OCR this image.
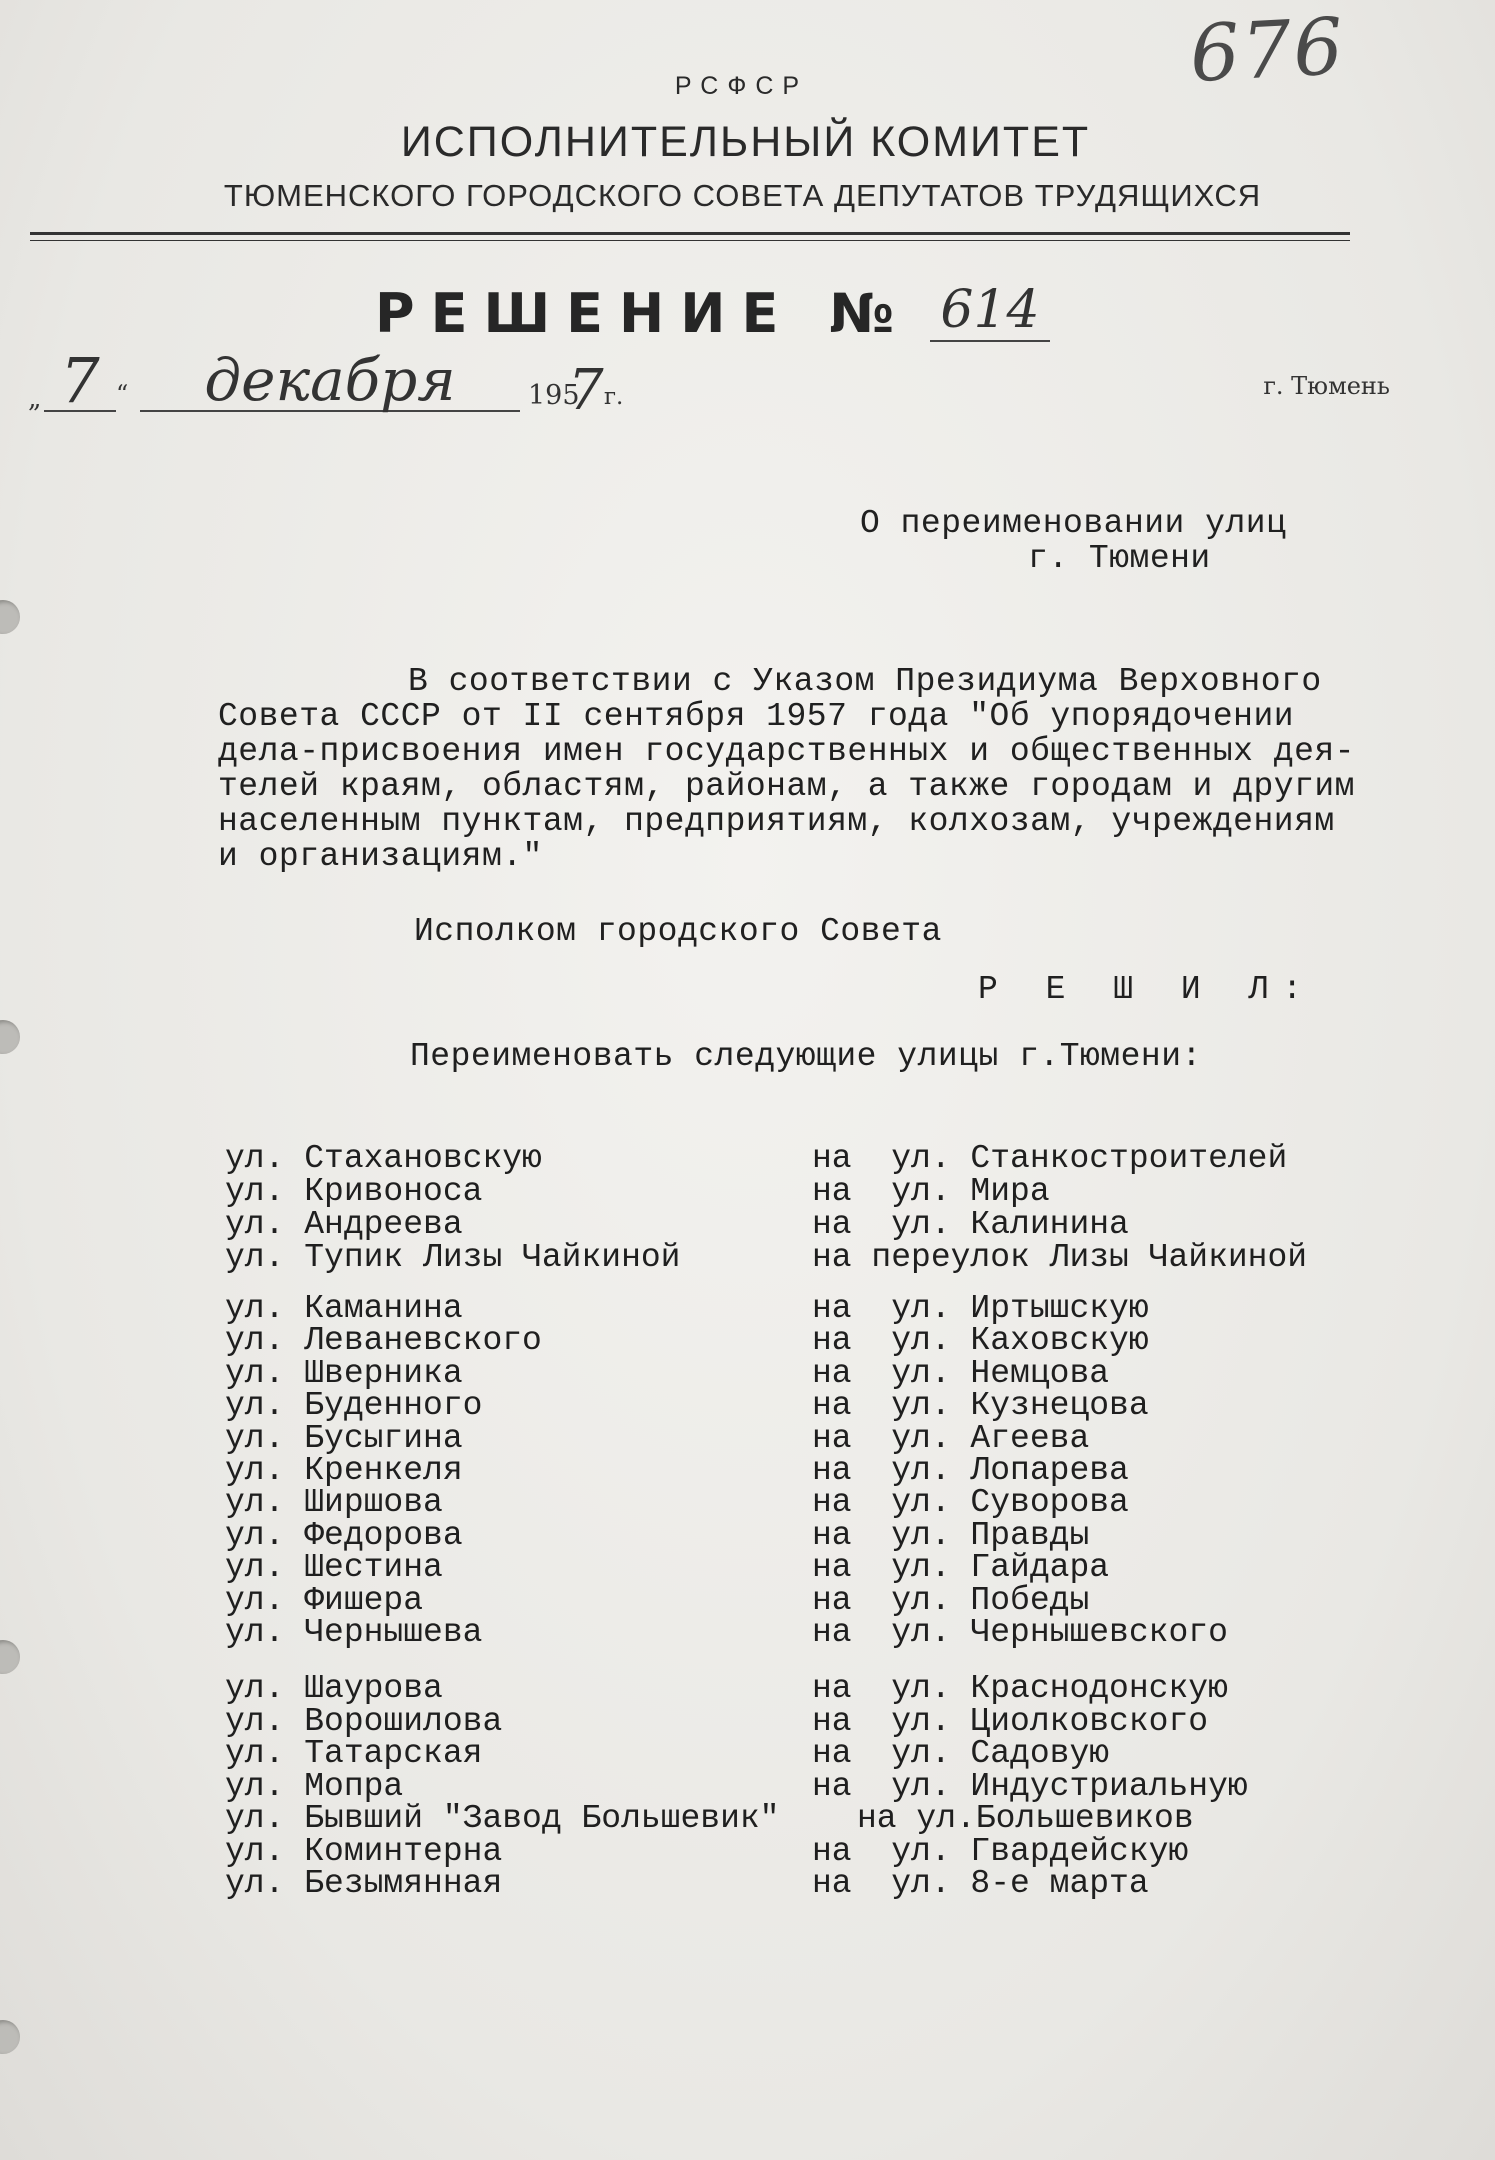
676
РСФСР
ИСПОЛНИТЕЛЬНЫЙ КОМИТЕТ
ТЮМЕНСКОГО ГОРОДСКОГО СОВЕТА ДЕПУТАТОВ ТРУДЯЩИХСЯ
РЕШЕНИЕ № 614
„ 7 “	декабря	195
7 г.	г. Тюмень
О переименовании улиц
г. Тюмени
В соответствии с Указом Президиума Верховного
Совета СССР от II сентября 1957 года "Об упорядочении
дела-присвоения имен государственных и общественных дея-
телей краям, областям, районам, а также городам и другим
населенным пунктам, предприятиям, колхозам, учреждениям
и организациям."
Исполком городского Совета
Р Е Ш И Л:
Переименовать следующие улицы г.Тюмени:
ул. Стахановскую	на  ул. Станкостроителей
ул. Кривоноса	на  ул. Мира
ул. Андреева	на  ул. Калинина
ул. Тупик Лизы Чайкиной	на переулок Лизы Чайкиной
ул. Каманина	на  ул. Иртышскую
ул. Леваневского	на  ул. Каховскую
ул. Шверника	на  ул. Немцова
ул. Буденного	на  ул. Кузнецова
ул. Бусыгина	на  ул. Агеева
ул. Кренкеля	на  ул. Лопарева
ул. Ширшова	на  ул. Суворова
ул. Федорова	на  ул. Правды
ул. Шестина	на  ул. Гайдара
ул. Фишера	на  ул. Победы
ул. Чернышева	на  ул. Чернышевского
ул. Шаурова	на  ул. Краснодонскую
ул. Ворошилова	на  ул. Циолковского
ул. Татарская	на  ул. Садовую
ул. Мопра	на  ул. Индустриальную
ул. Бывший "Завод Большевик" на ул.Большевиков
ул. Коминтерна	на  ул. Гвардейскую
ул. Безымянная	на  ул. 8-е марта
